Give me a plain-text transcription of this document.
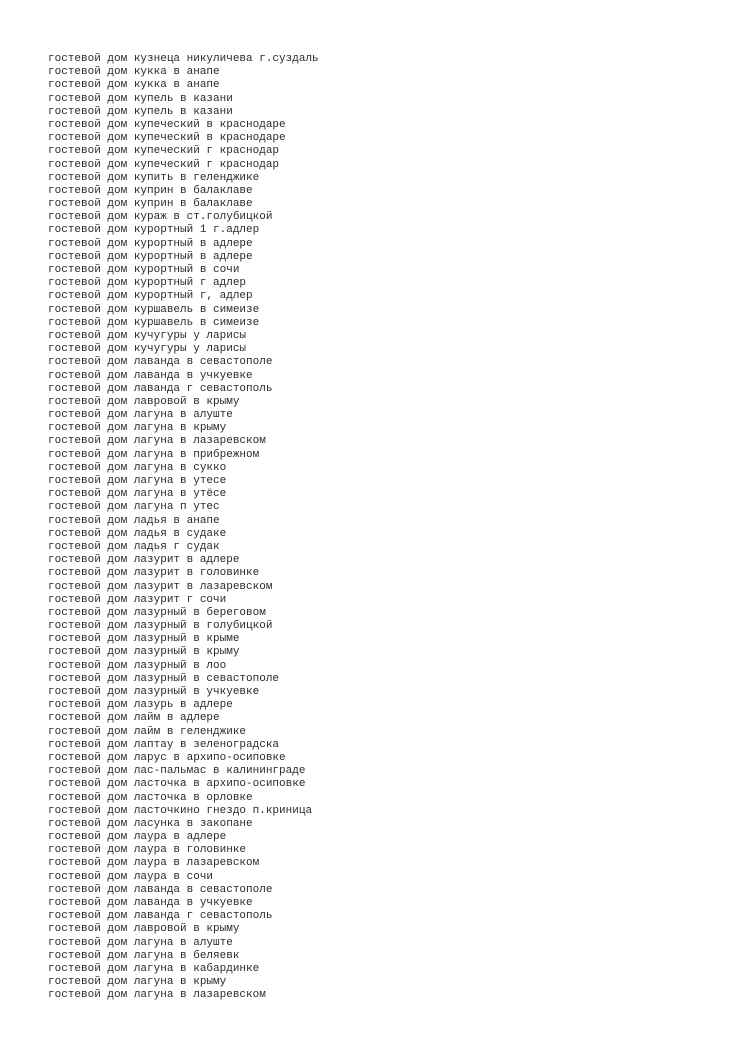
гостевой дом кузнеца никуличева г.суздаль
гостевой дом кукка в анапе
гостевой дом кукка в анапе
гостевой дом купель в казани
гостевой дом купель в казани
гостевой дом купеческий в краснодаре
гостевой дом купеческий в краснодаре
гостевой дом купеческий г краснодар
гостевой дом купеческий г краснодар
гостевой дом купить в геленджике
гостевой дом куприн в балаклаве
гостевой дом куприн в балаклаве
гостевой дом кураж в ст.голубицкой
гостевой дом курортный 1 г.адлер
гостевой дом курортный в адлере
гостевой дом курортный в адлере
гостевой дом курортный в сочи
гостевой дом курортный г адлер
гостевой дом курортный г, адлер
гостевой дом куршавель в симеизе
гостевой дом куршавель в симеизе
гостевой дом кучугуры у ларисы
гостевой дом кучугуры у ларисы
гостевой дом лаванда в севастополе
гостевой дом лаванда в учкуевке
гостевой дом лаванда г севастополь
гостевой дом лавровой в крыму
гостевой дом лагуна в алуште
гостевой дом лагуна в крыму
гостевой дом лагуна в лазаревском
гостевой дом лагуна в прибрежном
гостевой дом лагуна в сукко
гостевой дом лагуна в утесе
гостевой дом лагуна в утёсе
гостевой дом лагуна п утес
гостевой дом ладья в анапе
гостевой дом ладья в судаке
гостевой дом ладья г судак
гостевой дом лазурит в адлере
гостевой дом лазурит в головинке
гостевой дом лазурит в лазаревском
гостевой дом лазурит г сочи
гостевой дом лазурный в береговом
гостевой дом лазурный в голубицкой
гостевой дом лазурный в крыме
гостевой дом лазурный в крыму
гостевой дом лазурный в лоо
гостевой дом лазурный в севастополе
гостевой дом лазурный в учкуевке
гостевой дом лазурь в адлере
гостевой дом лайм в адлере
гостевой дом лайм в геленджике
гостевой дом лаптау в зеленоградска
гостевой дом ларус в архипо-осиповке
гостевой дом лас-пальмас в калининграде
гостевой дом ласточка в архипо-осиповке
гостевой дом ласточка в орловке
гостевой дом ласточкино гнездо п.криница
гостевой дом ласунка в закопане
гостевой дом лаура в адлере
гостевой дом лаура в головинке
гостевой дом лаура в лазаревском
гостевой дом лаура в сочи
гостевой дом лаванда в севастополе
гостевой дом лаванда в учкуевке
гостевой дом лаванда г севастополь
гостевой дом лавровой в крыму
гостевой дом лагуна в алуште
гостевой дом лагуна в беляевк
гостевой дом лагуна в кабардинке
гостевой дом лагуна в крыму
гостевой дом лагуна в лазаревском
